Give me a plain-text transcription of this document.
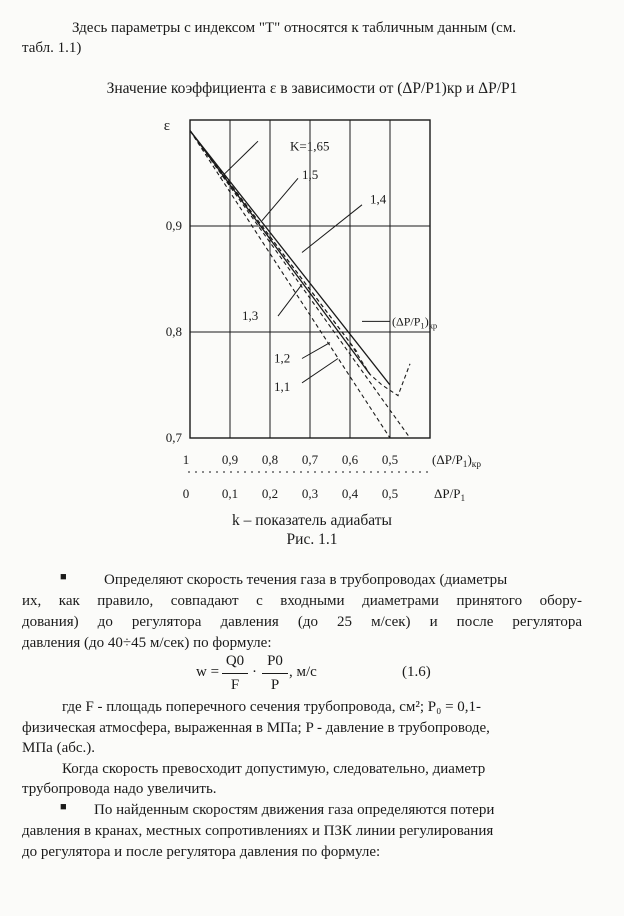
Здесь параметры с индексом "Т" относятся к табличным данным (см.
табл. 1.1)
Значение коэффициента ε в зависимости от (ΔP/P1)кр и ΔP/P1
0,9
0,8
0,7
ε
1	0,9 0,8 0,7 0,6 0,5	$(\Delta P/P_1)_{кр}$
0	0,1 0,2 0,3 0,4 0,5	$\Delta P/P_1$
K=1,65
1,5
1,4
1,3
1,2
1,1
$(\Delta P/P_1)_{кр}$
k – показатель адиабаты
Рис. 1.1
■ Определяют скорость течения газа в трубопроводах (диаметры
их, как правило, совпадают с входными диаметрами принятого обору-
дования) до регулятора давления (до 25 м/сек) и после регулятора
давления (до 40÷45 м/сек) по формуле:
w =
Q0
F
·
P0
P
, м/с	(1.6)
где F - площадь поперечного сечения трубопровода, см²; P₀ = 0,1-
физическая атмосфера, выраженная в МПа; P - давление в трубопроводе,
МПа (абс.).
Когда скорость превосходит допустимую, следовательно, диаметр
трубопровода надо увеличить.
■ По найденным скоростям движения газа определяются потери
давления в кранах, местных сопротивлениях и ПЗК линии регулирования
до регулятора и после регулятора давления по формуле:
